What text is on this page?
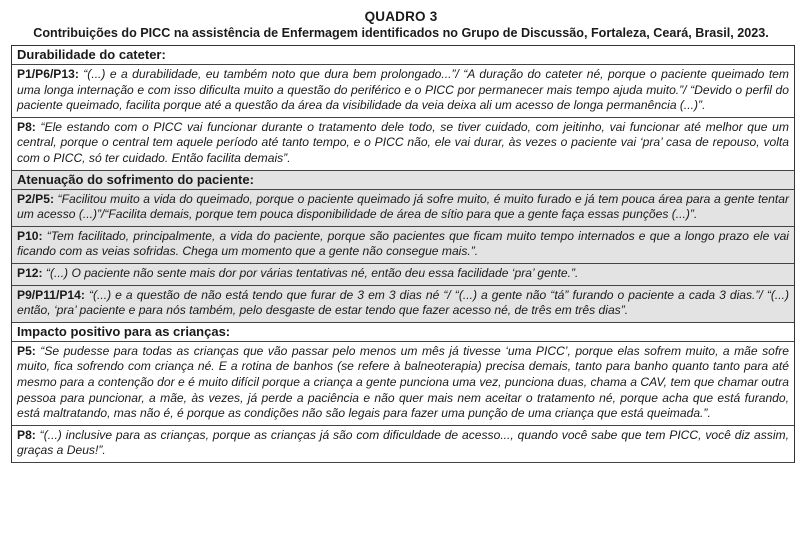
QUADRO 3
Contribuições do PICC na assistência de Enfermagem identificados no Grupo de Discussão, Fortaleza, Ceará, Brasil, 2023.
Durabilidade do cateter:
P1/P6/P13: “(...) e a durabilidade, eu também noto que dura bem prolongado...”/ “A duração do cateter né, porque o paciente queimado tem uma longa internação e com isso dificulta muito a questão do periférico e o PICC por permanecer mais tempo ajuda muito.”/ “Devido o perfil do paciente queimado, facilita porque até a questão da área da visibilidade da veia deixa ali um acesso de longa permanência (...)”.
P8: “Ele estando com o PICC vai funcionar durante o tratamento dele todo, se tiver cuidado, com jeitinho, vai funcionar até melhor que um central, porque o central tem aquele período até tanto tempo, e o PICC não, ele vai durar, às vezes o paciente vai ‘pra’ casa de repouso, volta com o PICC, só ter cuidado. Então facilita demais”.
Atenuação do sofrimento do paciente:
P2/P5: “Facilitou muito a vida do queimado, porque o paciente queimado já sofre muito, é muito furado e já tem pouca área para a gente tentar um acesso (...)”/“Facilita demais, porque tem pouca disponibilidade de área de sítio para que a gente faça essas punções (...)”.
P10: “Tem facilitado, principalmente, a vida do paciente, porque são pacientes que ficam muito tempo internados e que a longo prazo ele vai ficando com as veias sofridas. Chega um momento que a gente não consegue mais.”.
P12: “(...) O paciente não sente mais dor por várias tentativas né, então deu essa facilidade ‘pra’ gente.”.
P9/P11/P14: “(...) e a questão de não está tendo que furar de 3 em 3 dias né “/ “(...) a gente não “tá” furando o paciente a cada 3 dias.”/ “(...) então, ‘pra’ paciente e para nós também, pelo desgaste de estar tendo que fazer acesso né, de três em três dias”.
Impacto positivo para as crianças:
P5: “Se pudesse para todas as crianças que vão passar pelo menos um mês já tivesse ‘uma PICC’, porque elas sofrem muito, a mãe sofre muito, fica sofrendo com criança né. E a rotina de banhos (se refere à balneoterapia) precisa demais, tanto para banho quanto tanto para até mesmo para a contenção dor e é muito difícil porque a criança a gente punciona uma vez, punciona duas, chama a CAV, tem que chamar outra pessoa para puncionar, a mãe, às vezes, já perde a paciência e não quer mais nem aceitar o tratamento né, porque acha que está furando, está maltratando, mas não é, é porque as condições não são legais para fazer uma punção de uma criança que está queimada.”.
P8: “(...) inclusive para as crianças, porque as crianças já são com dificuldade de acesso..., quando você sabe que tem PICC, você diz assim, graças a Deus!”.
